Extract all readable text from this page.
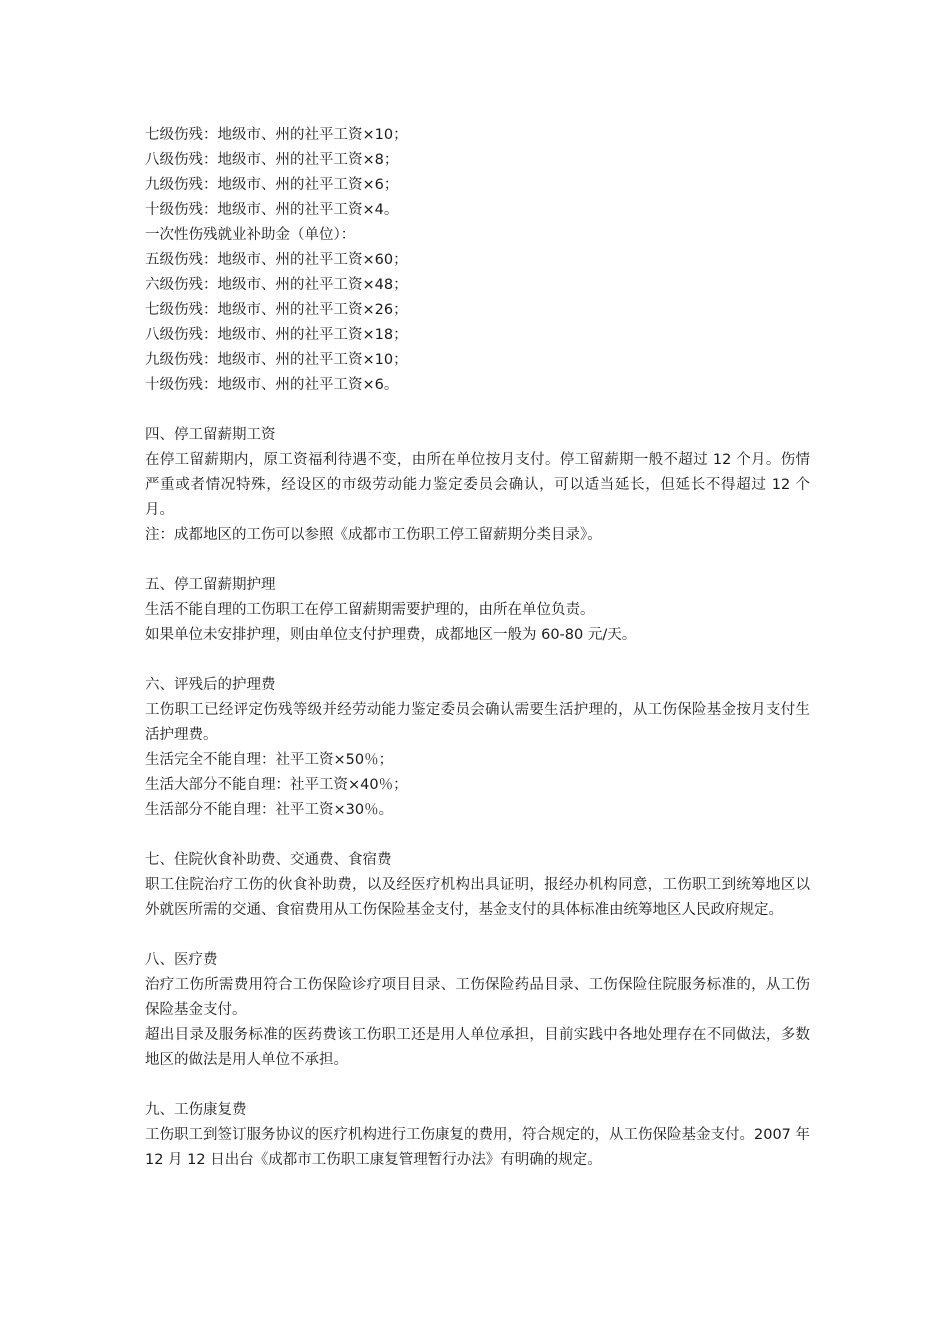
七级伤残：地级市、州的社平工资×10；
八级伤残：地级市、州的社平工资×8；
九级伤残：地级市、州的社平工资×6；
十级伤残：地级市、州的社平工资×4。
一次性伤残就业补助金（单位）：
五级伤残：地级市、州的社平工资×60；
六级伤残：地级市、州的社平工资×48；
七级伤残：地级市、州的社平工资×26；
八级伤残：地级市、州的社平工资×18；
九级伤残：地级市、州的社平工资×10；
十级伤残：地级市、州的社平工资×6。
四、停工留薪期工资
在停工留薪期内，原工资福利待遇不变，由所在单位按月支付。停工留薪期一般不超过 12 个月。伤情严重或者情况特殊，经设区的市级劳动能力鉴定委员会确认，可以适当延长，但延长不得超过 12 个月。
注：成都地区的工伤可以参照《成都市工伤职工停工留薪期分类目录》。
五、停工留薪期护理
生活不能自理的工伤职工在停工留薪期需要护理的，由所在单位负责。
如果单位未安排护理，则由单位支付护理费，成都地区一般为 60-80 元/天。
六、评残后的护理费
工伤职工已经评定伤残等级并经劳动能力鉴定委员会确认需要生活护理的，从工伤保险基金按月支付生活护理费。
生活完全不能自理：社平工资×50％；
生活大部分不能自理：社平工资×40％；
生活部分不能自理：社平工资×30％。
七、住院伙食补助费、交通费、食宿费
职工住院治疗工伤的伙食补助费，以及经医疗机构出具证明，报经办机构同意，工伤职工到统筹地区以外就医所需的交通、食宿费用从工伤保险基金支付，基金支付的具体标准由统筹地区人民政府规定。
八、医疗费
治疗工伤所需费用符合工伤保险诊疗项目目录、工伤保险药品目录、工伤保险住院服务标准的，从工伤保险基金支付。
超出目录及服务标准的医药费该工伤职工还是用人单位承担，目前实践中各地处理存在不同做法，多数地区的做法是用人单位不承担。
九、工伤康复费
工伤职工到签订服务协议的医疗机构进行工伤康复的费用，符合规定的，从工伤保险基金支付。2007 年 12 月 12 日出台《成都市工伤职工康复管理暂行办法》有明确的规定。
